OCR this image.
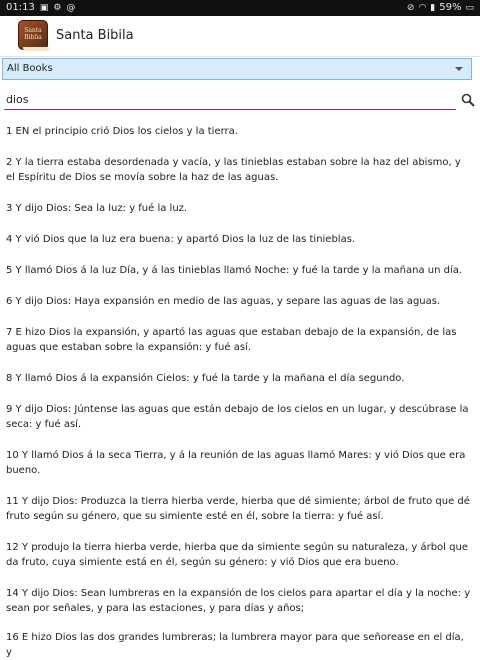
01:13 ▣ ⚙ @	⊘ ◠ ▮ 59% ▭
Santa
Biblia	Santa Bibila
All Books
dios
1 EN el principio crió Dios los cielos y la tierra.
2 Y la tierra estaba desordenada y vacía, y las tinieblas estaban sobre la haz del abismo, y el Espíritu de Dios se movía sobre la haz de las aguas.
3 Y dijo Dios: Sea la luz: y fué la luz.
4 Y vió Dios que la luz era buena: y apartó Dios la luz de las tinieblas.
5 Y llamó Dios á la luz Día, y á las tinieblas llamó Noche: y fué la tarde y la mañana un día.
6 Y dijo Dios: Haya expansión en medio de las aguas, y separe las aguas de las aguas.
7 E hizo Dios la expansión, y apartó las aguas que estaban debajo de la expansión, de las aguas que estaban sobre la expansión: y fué así.
8 Y llamó Dios á la expansión Cielos: y fué la tarde y la mañana el día segundo.
9 Y dijo Dios: Júntense las aguas que están debajo de los cielos en un lugar, y descúbrase la seca: y fué así.
10 Y llamó Dios á la seca Tierra, y á la reunión de las aguas llamó Mares: y vió Dios que era bueno.
11 Y dijo Dios: Produzca la tierra hierba verde, hierba que dé simiente; árbol de fruto que dé fruto según su género, que su simiente esté en él, sobre la tierra: y fué así.
12 Y produjo la tierra hierba verde, hierba que da simiente según su naturaleza, y árbol que da fruto, cuya simiente está en él, según su género: y vió Dios que era bueno.
14 Y dijo Dios: Sean lumbreras en la expansión de los cielos para apartar el día y la noche: y sean por señales, y para las estaciones, y para días y años;
16 E hizo Dios las dos grandes lumbreras; la lumbrera mayor para que señorease en el día, y
